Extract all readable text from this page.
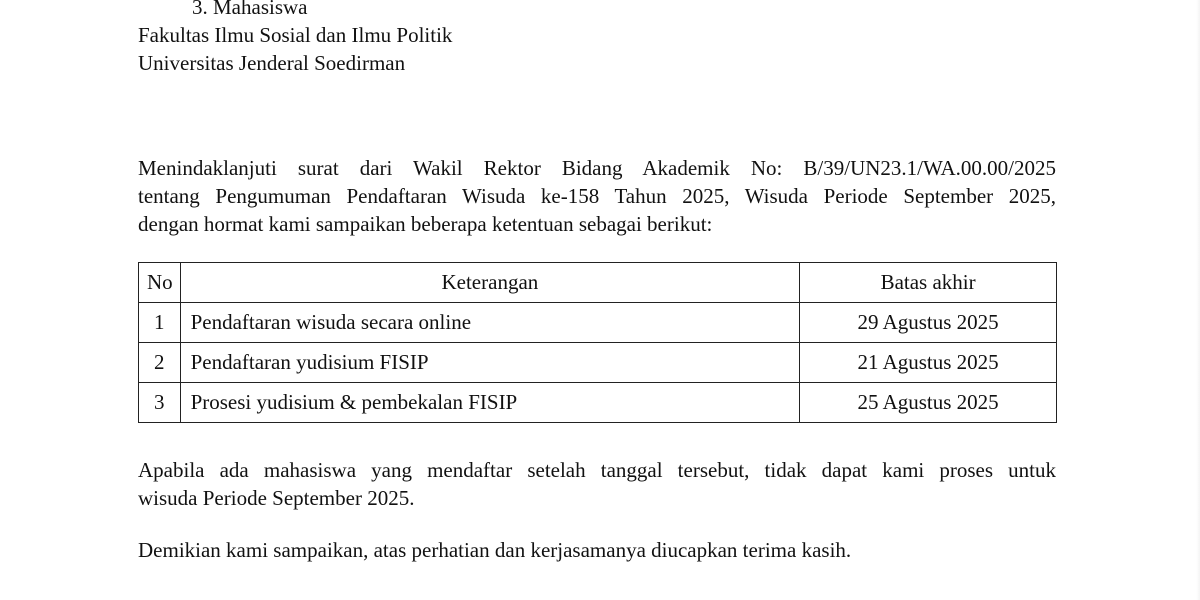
3. Mahasiswa
Fakultas Ilmu Sosial dan Ilmu Politik
Universitas Jenderal Soedirman
Menindaklanjuti surat dari Wakil Rektor Bidang Akademik No: B/39/UN23.1/WA.00.00/2025
tentang Pengumuman Pendaftaran Wisuda ke-158 Tahun 2025, Wisuda Periode September 2025,
dengan hormat kami sampaikan beberapa ketentuan sebagai berikut:
No	Keterangan	Batas akhir
1	Pendaftaran wisuda secara online	29 Agustus 2025
2	Pendaftaran yudisium FISIP	21 Agustus 2025
3	Prosesi yudisium & pembekalan FISIP	25 Agustus 2025
Apabila ada mahasiswa yang mendaftar setelah tanggal tersebut, tidak dapat kami proses untuk
wisuda Periode September 2025.
Demikian kami sampaikan, atas perhatian dan kerjasamanya diucapkan terima kasih.
